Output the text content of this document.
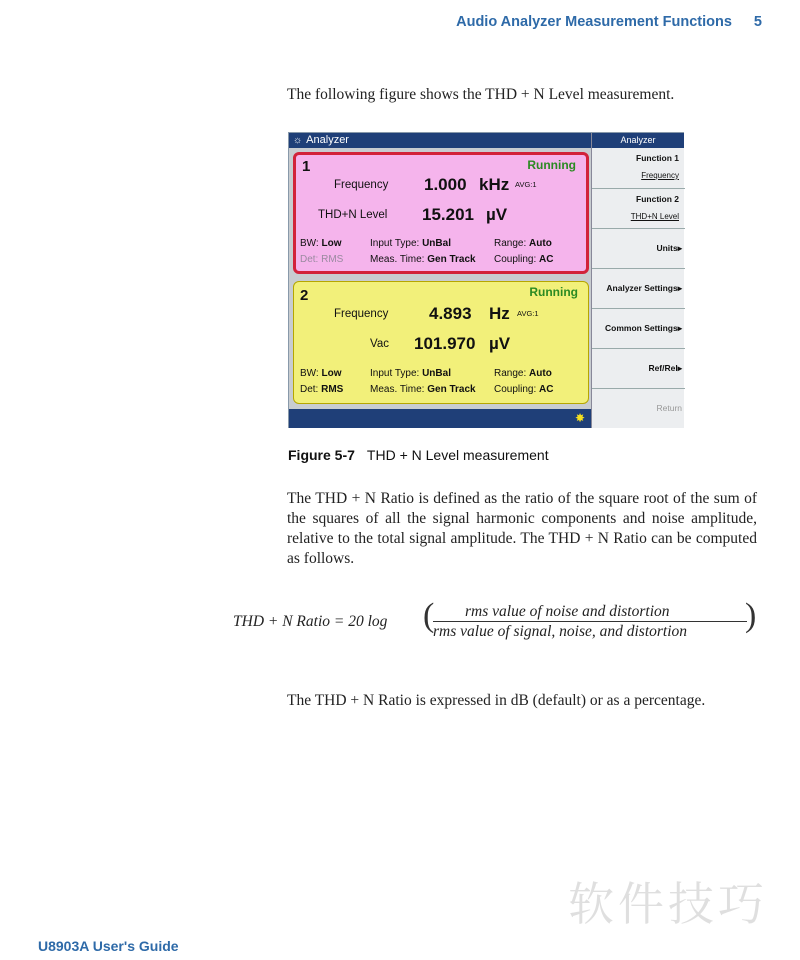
Audio Analyzer Measurement Functions 5

The following figure shows the THD + N Level measurement.

☼ Analyzer
1	Running
Frequency 1.000 kHz AVG:1
THD+N Level 15.201 µV
BW: Low	Input Type: UnBal	Range: Auto
Det: RMS	Meas. Time: Gen Track Coupling: AC
2	Running
Frequency 4.893 Hz AVG:1
Vac 101.970 µV
BW: Low	Input Type: UnBal	Range: Auto
Det: RMS	Meas. Time: Gen Track Coupling: AC
✸
Analyzer
Function 1
Frequency
Function 2
THD+N Level
Units▸
Analyzer Settings▸
Common Settings▸
Ref/Rel▸
Return
Figure 5-7 THD + N Level measurement

The THD + N Ratio is defined as the ratio of the square root of the sum of the squares of all the signal harmonic components and noise amplitude, relative to the total signal amplitude. The THD + N Ratio can be computed as follows.

THD + N Ratio = 20 log ( rms value of noise and distortion
rms value of signal, noise, and distortion )

The THD + N Ratio is expressed in dB (default) or as a percentage.

软件技巧
U8903A User's Guide
